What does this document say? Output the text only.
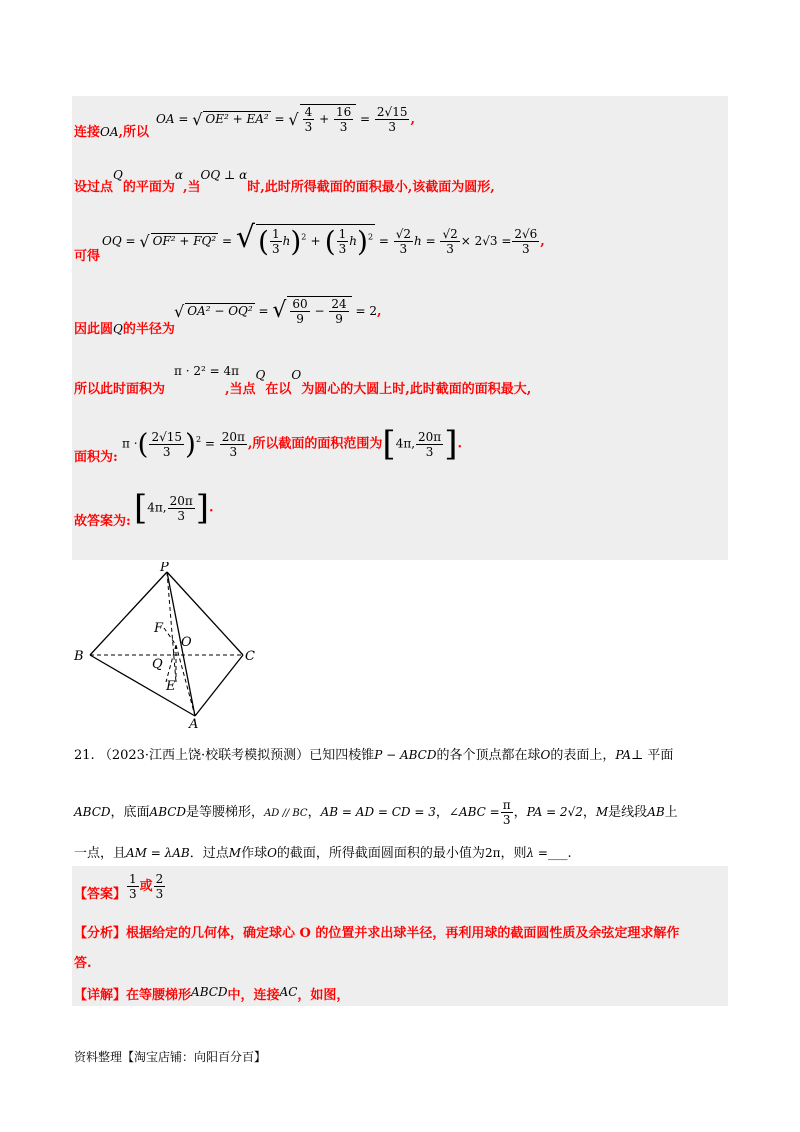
连接OA,所以
OA = √ OE² + EA² = √ $\frac{4}{3} + \frac{16}{3} = \frac{2√15}{3}$ ,
设过点Q的平面为α,当OQ ⊥ α时,此时所得截面的面积最小,该截面为圆形,
可得
OQ = √ OF² + FQ² = √ ( $\frac{1}{3} h)^2$ + ( $\frac{1}{3} h)^2 = \frac{√2}{3}$ $h = \frac{√2}{3} \times 2√3 = \frac{2√6}{3}$ ,
因此圆Q的半径为
√ OA² − OQ² = √ $\frac{60}{9} - \frac{24}{9} = 2$,
π · 2² = 4π
所以此时面积为	,当点Q在以O为圆心的大圆上时,此时截面的面积最大,
面积为:
π ·( $\frac{2√15}{3} )^2 = \frac{20\pi}{3}$ ,所以截面的面积范围为[4π, $\frac{20\pi}{3}$ ].
故答案为: [4π, $\frac{20\pi}{3}$ ].
P
F
O
B	C
Q
E
A
21. （2023·江西上饶·校联考模拟预测）已知四棱锥P − ABCD的各个顶点都在球O的表面上，PA⊥ 平面
ABCD，底面ABCD是等腰梯形，AD // BC，AB = AD = CD = 3，∠ABC = $\frac{\pi}{3}$ ，PA = 2√2，M是线段AB上
一点，且AM = λAB．过点M作球O的截面，所得截面圆面积的最小值为2π，则λ =___.
【答案】 $\frac{1}{3}$ 或 $\frac{2}{3}$
【分析】根据给定的几何体，确定球心 O 的位置并求出球半径，再利用球的截面圆性质及余弦定理求解作
答.
【详解】在等腰梯形ABCD中，连接AC，如图，
资料整理【淘宝店铺：向阳百分百】
